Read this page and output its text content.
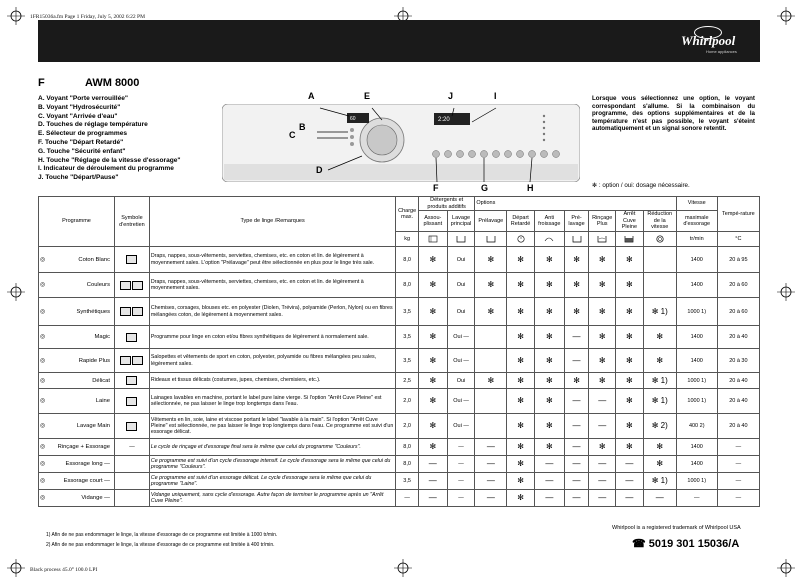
1FR15036a.fm Page 1 Friday, July 5, 2002 6:22 PM
Black process 45.0° 100.0 LPI
Whirlpool
Home appliances
F	AWM 8000
A. Voyant "Porte verrouillée"
B. Voyant "Hydrosécurité"
C. Voyant "Arrivée d'eau"
D. Touches de réglage température
E. Sélecteur de programmes
F. Touche "Départ Retardé"
G. Touche "Sécurité enfant"
H. Touche "Réglage de la vitesse d'essorage"
I. Indicateur de déroulement du programme
J. Touche "Départ/Pause"
60	2:20
A	E	J	I
B
C
D
F	G	H
Lorsque vous sélectionnez une option, le voyant correspondant s'allume. Si la combinaison du programme, des options supplémentaires et de la température n'est pas possible, le voyant s'éteint automatiquement et un signal sonore retentit.
✻ : option / oui: dosage nécessaire.
Programme	Symbole d'entretien	Type de linge /Remarques	Charge max.	Détergents et produits additifs		Options							Vitesse	Tempé-rature
				Assou-plissant	Lavage principal	Prélavage	Départ Retardé	Anti froissage	Pré-lavage	Rinçage Plus	Arrêt Cuve Pleine	Réduction de la vitesse	maximale d'essorage	
			kg										tr/min	°C

◎ Coton Blanc		Draps, nappes, sous-vêtements, serviettes, chemises, etc. en coton et lin. de légèrement à moyennement sales. L'option "Prélavage" peut être sélectionnée en plus pour le linge très sale.	8,0	✻	Oui	✻	✻	✻	✻	✻	✻		1400	20 à 95

◎ Couleurs		Draps, nappes, sous-vêtements, serviettes, chemises, etc. en coton et lin. de légèrement à moyennement sales.	8,0	✻	Oui	✻	✻	✻	✻	✻	✻		1400	20 à 60

◎ Synthétiques		Chemises, corsages, blouses etc. en polyester (Diolen, Trévira), polyamide (Perlon, Nylon) ou en fibres mélangées coton, de légèrement à moyennement sales.	3,5	✻	Oui	✻	✻	✻	✻	✻	✻	✻ 1)	1000 1)	20 à 60

◎ Magic		Programme pour linge en coton et/ou fibres synthétiques de légèrement à normalement sale.	3,5	✻	Oui —		✻	✻	—	✻	✻	✻	1400	20 à 40

◎ Rapide Plus		Salopettes et vêtements de sport en coton, polyester, polyamide ou fibres mélangées peu sales, légèrement sales.	3,5	✻	Oui —		✻	✻	—	✻	✻	✻	1400	20 à 30

◎ Délicat		Rideaux et tissus délicats (costumes, jupes, chemises, chemisiers, etc.).	2,5	✻	Oui	✻	✻	✻	✻	✻	✻	✻ 1)	1000 1)	20 à 40

◎ Laine		Lainages lavables en machine, portant le label pure laine vierge. Si l'option "Arrêt Cuve Pleine" est sélectionnée, ne pas laisser le linge trop longtemps dans l'eau.	2,0	✻	Oui —		✻	✻	—	—	✻	✻ 1)	1000 1)	20 à 40

◎ Lavage Main		Vêtements en lin, soie, laine et viscose portant le label "lavable à la main". Si l'option "Arrêt Cuve Pleine" est sélectionnée, ne pas laisser le linge trop longtemps dans l'eau. Ce programme est suivi d'un essorage délicat.	2,0	✻	Oui —		✻	✻	—	—	✻	✻ 2)	400 2)	20 à 40

◎ Rinçage + Essorage	—	Le cycle de rinçage et d'essorage final sera le même que celui du programme "Couleurs".	8,0	✻	—	—	✻	✻	—	✻	✻	✻	1400	—

◎ Essorage long —		Ce programme est suivi d'un cycle d'essorage intensif. Le cycle d'essorage sera le même que celui du programme "Couleurs".	8,0	—	—	—	✻	—	—	—	—	✻	1400	—

◎ Essorage court —		Ce programme est suivi d'un essorage délicat. Le cycle d'essorage sera le même que celui du programme "Laine".	3,5	—	—	—	✻	—	—	—	—	✻ 1)	1000 1)	—

◎ Vidange —		Vidange uniquement, sans cycle d'essorage. Autre façon de terminer le programme après un "Arrêt Cuve Pleine".	—	—	—	—	✻	—	—	—	—	—	—	—
1) Afin de ne pas endommager le linge, la vitesse d'essorage de ce programme est limitée à 1000 tr/min.
2) Afin de ne pas endommager le linge, la vitesse d'essorage de ce programme est limitée à 400 tr/min.
Whirlpool is a registered trademark of Whirlpool USA
☎ 5019 301 15036/A
